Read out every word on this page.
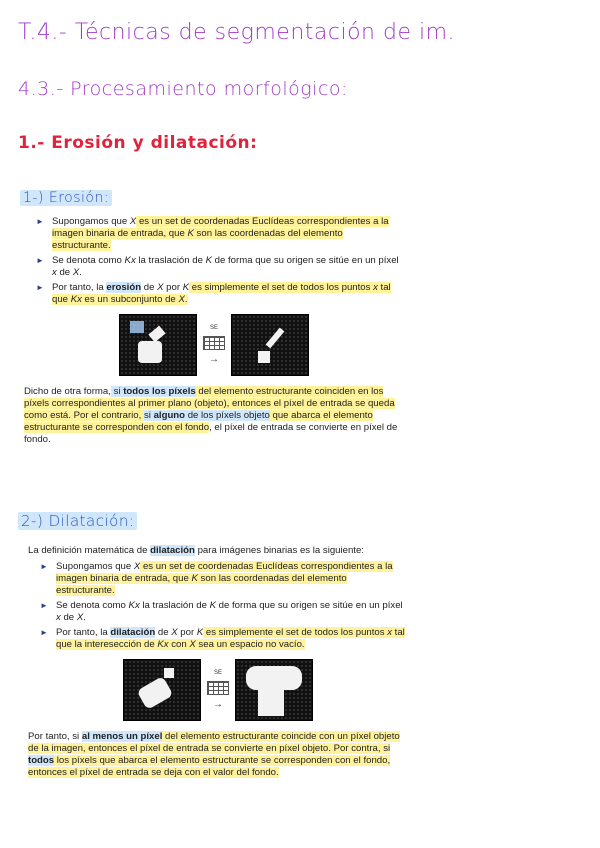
T.4.- Técnicas de segmentación de im.
4.3.- Procesamiento morfológico:
1.- Erosión y dilatación:
1-) Erosión:
► Supongamos que X es un set de coordenadas Euclídeas correspondientes a la imagen binaria de entrada, que K son las coordenadas del elemento estructurante.
► Se denota como Kx la traslación de K de forma que su origen se sitúe en un píxel x de X.
► Por tanto, la erosión de X por K es simplemente el set de todos los puntos x tal que Kx es un subconjunto de X.
SE
→
Dicho de otra forma, si todos los píxels del elemento estructurante coinciden en los píxels correspondientes al primer plano (objeto), entonces el píxel de entrada se queda como está. Por el contrario, si alguno de los píxels objeto que abarca el elemento estructurante se corresponden con el fondo, el píxel de entrada se convierte en píxel de fondo.
2-) Dilatación:
La definición matemática de dilatación para imágenes binarias es la siguiente:
► Supongamos que X es un set de coordenadas Euclídeas correspondientes a la imagen binaria de entrada, que K son las coordenadas del elemento estructurante.
► Se denota como Kx la traslación de K de forma que su origen se sitúe en un píxel x de X.
► Por tanto, la dilatación de X por K es simplemente el set de todos los puntos x tal que la interesección de Kx con X sea un espacio no vacío.
SE
→
Por tanto, si al menos un píxel del elemento estructurante coincide con un píxel objeto de la imagen, entonces el píxel de entrada se convierte en píxel objeto. Por contra, si todos los píxels que abarca el elemento estructurante se corresponden con el fondo, entonces el píxel de entrada se deja con el valor del fondo.
